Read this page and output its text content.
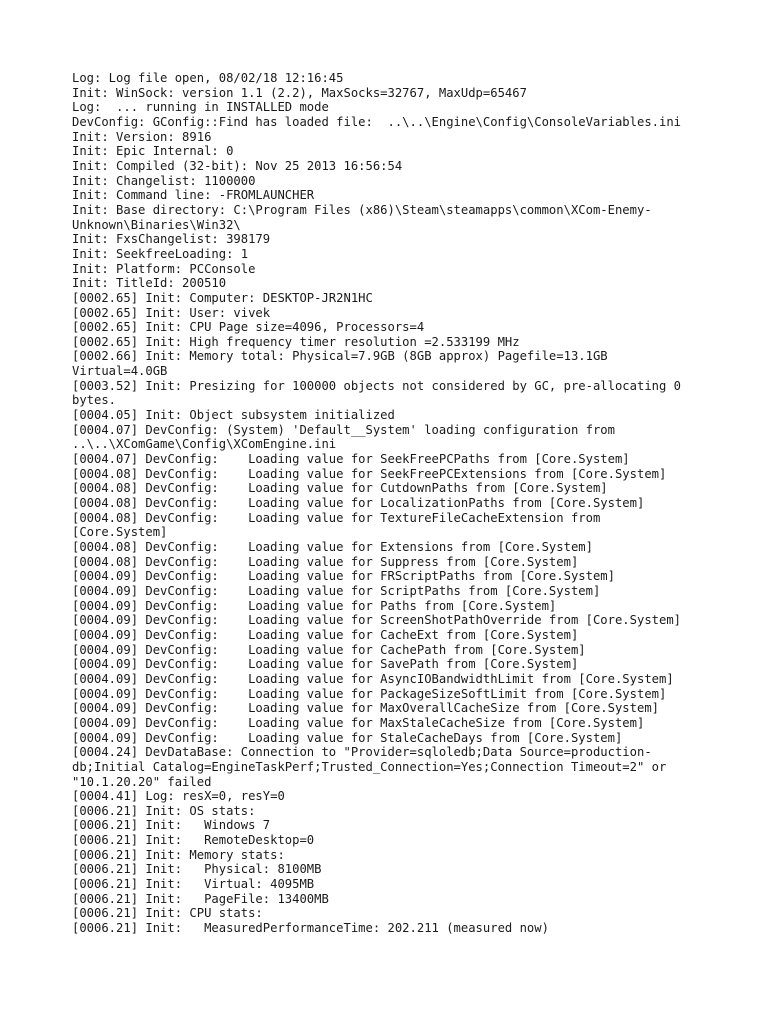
Log: Log file open, 08/02/18 12:16:45
Init: WinSock: version 1.1 (2.2), MaxSocks=32767, MaxUdp=65467
Log:  ... running in INSTALLED mode
DevConfig: GConfig::Find has loaded file:  ..\..\Engine\Config\ConsoleVariables.ini
Init: Version: 8916
Init: Epic Internal: 0
Init: Compiled (32-bit): Nov 25 2013 16:56:54
Init: Changelist: 1100000
Init: Command line: -FROMLAUNCHER
Init: Base directory: C:\Program Files (x86)\Steam\steamapps\common\XCom-Enemy-
Unknown\Binaries\Win32\
Init: FxsChangelist: 398179
Init: SeekfreeLoading: 1
Init: Platform: PCConsole
Init: TitleId: 200510
[0002.65] Init: Computer: DESKTOP-JR2N1HC
[0002.65] Init: User: vivek
[0002.65] Init: CPU Page size=4096, Processors=4
[0002.65] Init: High frequency timer resolution =2.533199 MHz
[0002.66] Init: Memory total: Physical=7.9GB (8GB approx) Pagefile=13.1GB
Virtual=4.0GB
[0003.52] Init: Presizing for 100000 objects not considered by GC, pre-allocating 0
bytes.
[0004.05] Init: Object subsystem initialized
[0004.07] DevConfig: (System) 'Default__System' loading configuration from
..\..\XComGame\Config\XComEngine.ini
[0004.07] DevConfig:    Loading value for SeekFreePCPaths from [Core.System]
[0004.08] DevConfig:    Loading value for SeekFreePCExtensions from [Core.System]
[0004.08] DevConfig:    Loading value for CutdownPaths from [Core.System]
[0004.08] DevConfig:    Loading value for LocalizationPaths from [Core.System]
[0004.08] DevConfig:    Loading value for TextureFileCacheExtension from
[Core.System]
[0004.08] DevConfig:    Loading value for Extensions from [Core.System]
[0004.08] DevConfig:    Loading value for Suppress from [Core.System]
[0004.09] DevConfig:    Loading value for FRScriptPaths from [Core.System]
[0004.09] DevConfig:    Loading value for ScriptPaths from [Core.System]
[0004.09] DevConfig:    Loading value for Paths from [Core.System]
[0004.09] DevConfig:    Loading value for ScreenShotPathOverride from [Core.System]
[0004.09] DevConfig:    Loading value for CacheExt from [Core.System]
[0004.09] DevConfig:    Loading value for CachePath from [Core.System]
[0004.09] DevConfig:    Loading value for SavePath from [Core.System]
[0004.09] DevConfig:    Loading value for AsyncIOBandwidthLimit from [Core.System]
[0004.09] DevConfig:    Loading value for PackageSizeSoftLimit from [Core.System]
[0004.09] DevConfig:    Loading value for MaxOverallCacheSize from [Core.System]
[0004.09] DevConfig:    Loading value for MaxStaleCacheSize from [Core.System]
[0004.09] DevConfig:    Loading value for StaleCacheDays from [Core.System]
[0004.24] DevDataBase: Connection to "Provider=sqloledb;Data Source=production-
db;Initial Catalog=EngineTaskPerf;Trusted_Connection=Yes;Connection Timeout=2" or
"10.1.20.20" failed
[0004.41] Log: resX=0, resY=0
[0006.21] Init: OS stats:
[0006.21] Init:   Windows 7
[0006.21] Init:   RemoteDesktop=0
[0006.21] Init: Memory stats:
[0006.21] Init:   Physical: 8100MB
[0006.21] Init:   Virtual: 4095MB
[0006.21] Init:   PageFile: 13400MB
[0006.21] Init: CPU stats:
[0006.21] Init:   MeasuredPerformanceTime: 202.211 (measured now)
